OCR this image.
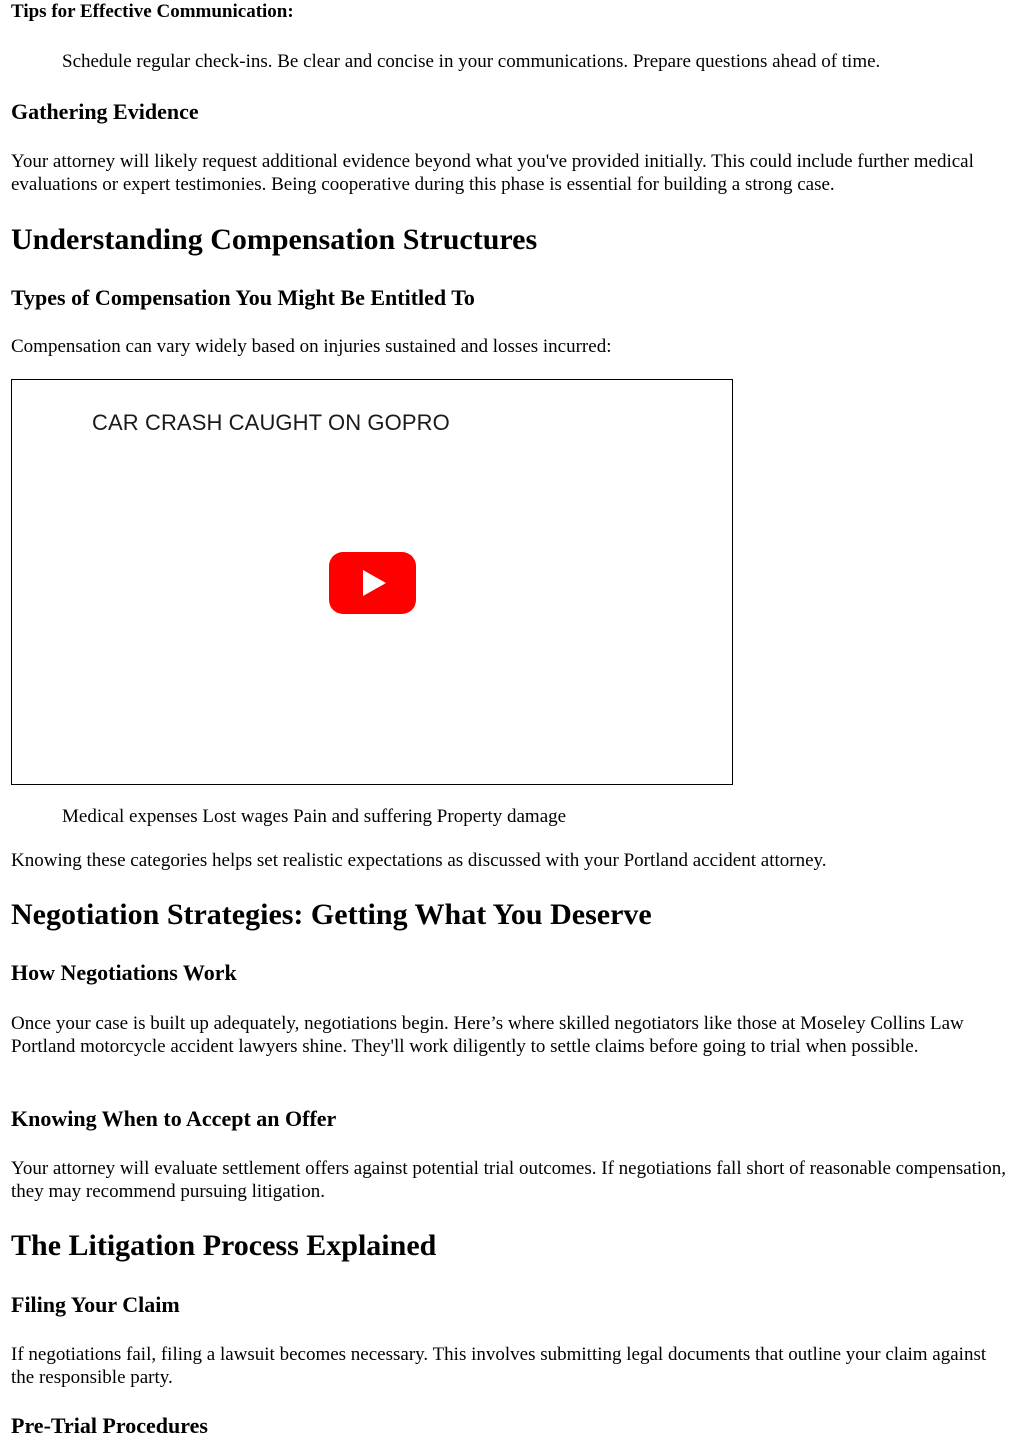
Tips for Effective Communication:
Schedule regular check-ins. Be clear and concise in your communications. Prepare questions ahead of time.
Gathering Evidence
Your attorney will likely request additional evidence beyond what you've provided initially. This could include further medical evaluations or expert testimonies. Being cooperative during this phase is essential for building a strong case.
Understanding Compensation Structures
Types of Compensation You Might Be Entitled To
Compensation can vary widely based on injuries sustained and losses incurred:
CAR CRASH CAUGHT ON GOPRO
Medical expenses Lost wages Pain and suffering Property damage
Knowing these categories helps set realistic expectations as discussed with your Portland accident attorney.
Negotiation Strategies: Getting What You Deserve
How Negotiations Work
Once your case is built up adequately, negotiations begin. Here’s where skilled negotiators like those at Moseley Collins Law Portland motorcycle accident lawyers shine. They'll work diligently to settle claims before going to trial when possible.
Knowing When to Accept an Offer
Your attorney will evaluate settlement offers against potential trial outcomes. If negotiations fall short of reasonable compensation, they may recommend pursuing litigation.
The Litigation Process Explained
Filing Your Claim
If negotiations fail, filing a lawsuit becomes necessary. This involves submitting legal documents that outline your claim against the responsible party.
Pre-Trial Procedures
